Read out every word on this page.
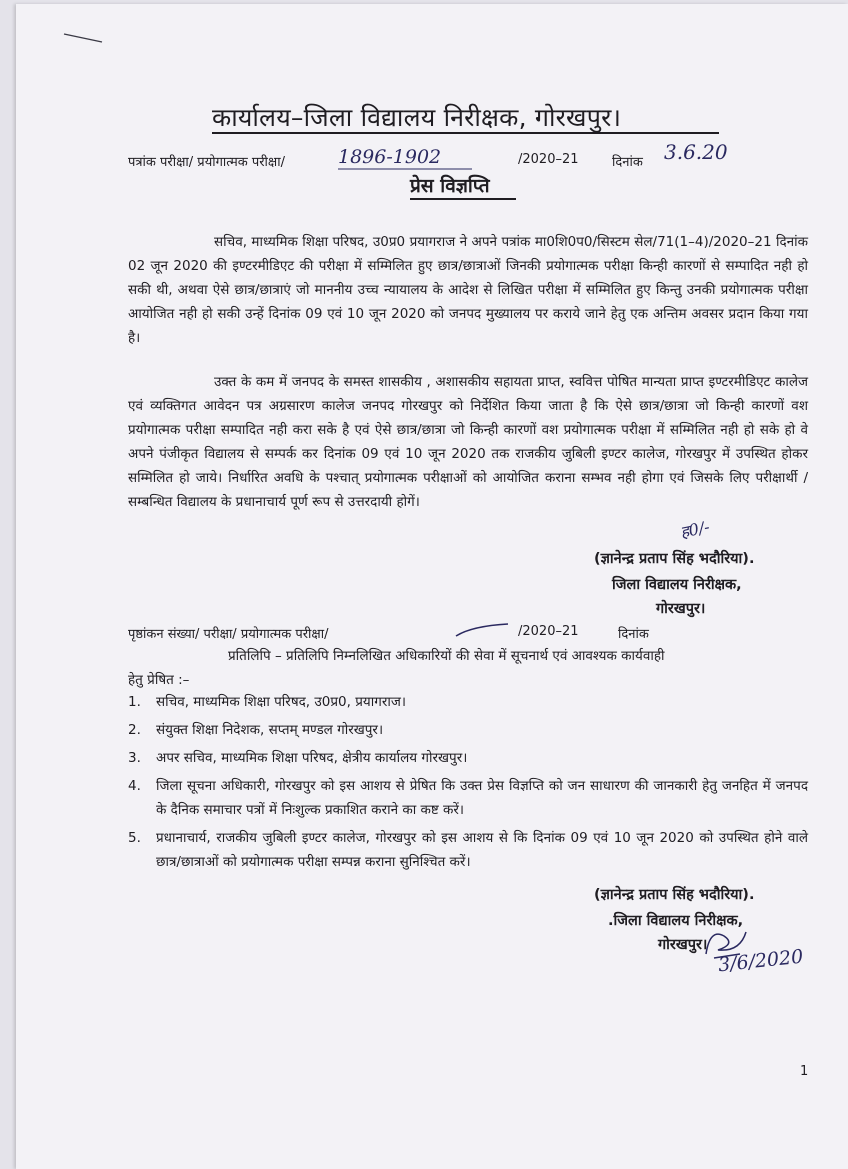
कार्यालय–जिला विद्यालय निरीक्षक, गोरखपुर।
पत्रांक परीक्षा/ प्रयोगात्मक परीक्षा/	1896-1902	/2020–21	दिनांक 3.6.20
प्रेस विज्ञप्ति
सचिव, माध्यमिक शिक्षा परिषद, उ0प्र0 प्रयागराज ने अपने पत्रांक मा0शि0प0/सिस्टम सेल/71(1–4)/2020–21 दिनांक 02 जून 2020 की इण्टरमीडिएट की परीक्षा में सम्मिलित हुए छात्र/छात्राओं जिनकी प्रयोगात्मक परीक्षा किन्ही कारणों से सम्पादित नही हो सकी थी, अथवा ऐसे छात्र/छात्राएं जो माननीय उच्च न्यायालय के आदेश से लिखित परीक्षा में सम्मिलित हुए किन्तु उनकी प्रयोगात्मक परीक्षा आयोजित नही हो सकी उन्हें दिनांक 09 एवं 10 जून 2020 को जनपद मुख्यालय पर कराये जाने हेतु एक अन्तिम अवसर प्रदान किया गया है।
उक्त के कम में जनपद के समस्त शासकीय , अशासकीय सहायता प्राप्त, स्ववित्त पोषित मान्यता प्राप्त इण्टरमीडिएट कालेज एवं व्यक्तिगत आवेदन पत्र अग्रसारण कालेज जनपद गोरखपुर को निर्देशित किया जाता है कि ऐसे छात्र/छात्रा जो किन्ही कारणों वश प्रयोगात्मक परीक्षा सम्पादित नही करा सके है एवं ऐसे छात्र/छात्रा जो किन्ही कारणों वश प्रयोगात्मक परीक्षा में सम्मिलित नही हो सके हो वे अपने पंजीकृत विद्यालय से सम्पर्क कर दिनांक 09 एवं 10 जून 2020 तक राजकीय जुबिली इण्टर कालेज, गोरखपुर में उपस्थित होकर सम्मिलित हो जाये। निर्धारित अवधि के पश्चात् प्रयोगात्मक परीक्षाओं को आयोजित कराना सम्भव नही होगा एवं जिसके लिए परीक्षार्थी /सम्बन्धित विद्यालय के प्रधानाचार्य पूर्ण रूप से उत्तरदायी होगें।
ह0/-
(ज्ञानेन्द्र प्रताप सिंह भदौरिया).
जिला विद्यालय निरीक्षक,
गोरखपुर।
पृष्ठांकन संख्या/ परीक्षा/ प्रयोगात्मक परीक्षा/	/2020–21	दिनांक
प्रतिलिपि – प्रतिलिपि निम्नलिखित अधिकारियों की सेवा में सूचनार्थ एवं आवश्यक कार्यवाही
हेतु प्रेषित :–
1. सचिव, माध्यमिक शिक्षा परिषद, उ0प्र0, प्रयागराज।
2. संयुक्त शिक्षा निदेशक, सप्तम् मण्डल गोरखपुर।
3. अपर सचिव, माध्यमिक शिक्षा परिषद, क्षेत्रीय कार्यालय गोरखपुर।
4. जिला सूचना अधिकारी, गोरखपुर को इस आशय से प्रेषित कि उक्त प्रेस विज्ञप्ति को जन साधारण की जानकारी हेतु जनहित में जनपद के दैनिक समाचार पत्रों में निःशुल्क प्रकाशित कराने का कष्ट करें।
5. प्रधानाचार्य, राजकीय जुबिली इण्टर कालेज, गोरखपुर को इस आशय से कि दिनांक 09 एवं 10 जून 2020 को उपस्थित होने वाले छात्र/छात्राओं को प्रयोगात्मक परीक्षा सम्पन्न कराना सुनिश्चित करें।
(ज्ञानेन्द्र प्रताप सिंह भदौरिया).
.जिला विद्यालय निरीक्षक,
गोरखपुर।
3/6/2020
1
